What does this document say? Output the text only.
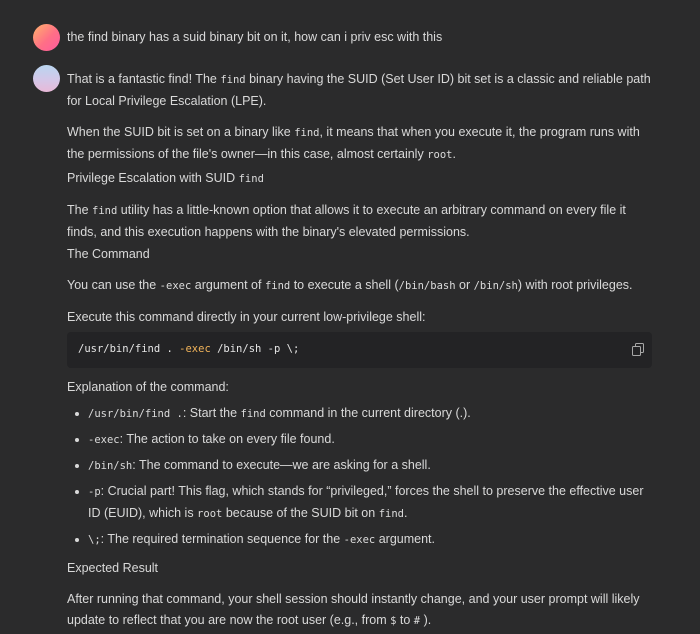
the find binary has a suid binary bit on it, how can i priv esc with this

That is a fantastic find! The find binary having the SUID (Set User ID) bit set is a classic and reliable path for Local Privilege Escalation (LPE).

When the SUID bit is set on a binary like find, it means that when you execute it, the program runs with the permissions of the file's owner—in this case, almost certainly root.

Privilege Escalation with SUID find

The find utility has a little-known option that allows it to execute an arbitrary command on every file it finds, and this execution happens with the binary's elevated permissions.

The Command

You can use the -exec argument of find to execute a shell (/bin/bash or /bin/sh) with root privileges.

Execute this command directly in your current low-privilege shell:

/usr/bin/find . -exec /bin/sh -p \;

Explanation of the command:

/usr/bin/find .: Start the find command in the current directory (.).
-exec: The action to take on every file found.
/bin/sh: The command to execute—we are asking for a shell.
-p: Crucial part! This flag, which stands for “privileged,” forces the shell to preserve the effective user ID (EUID), which is root because of the SUID bit on find.
\;: The required termination sequence for the -exec argument.

Expected Result

After running that command, your shell session should instantly change, and your user prompt will likely update to reflect that you are now the root user (e.g., from $ to # ).
